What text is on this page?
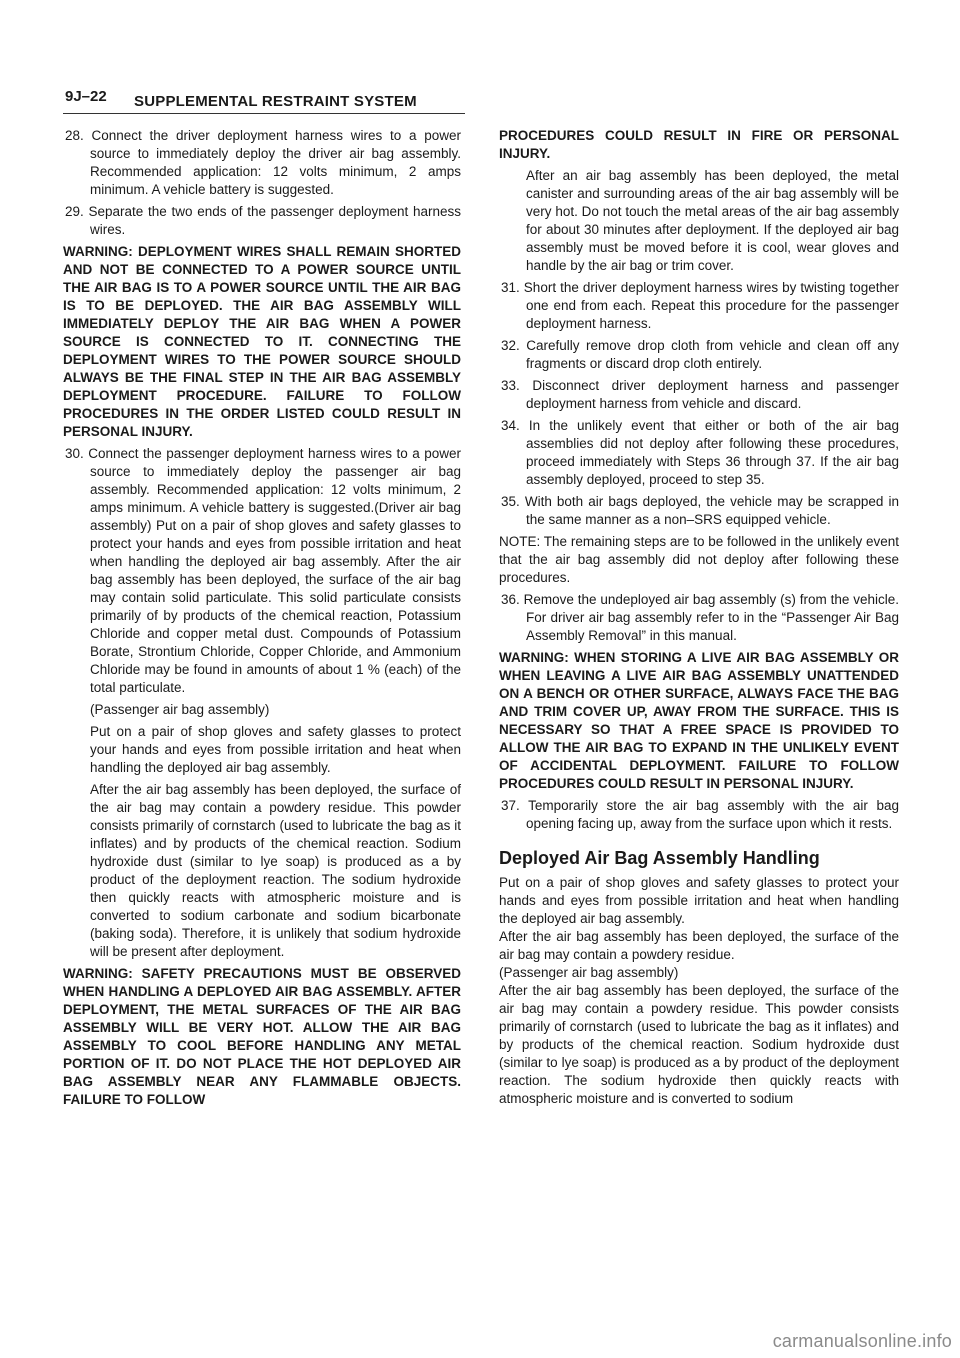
9J–22 SUPPLEMENTAL RESTRAINT SYSTEM

28. Connect the driver deployment harness wires to a power source to immediately deploy the driver air bag assembly. Recommended application: 12 volts minimum, 2 amps minimum. A vehicle battery is suggested.

29. Separate the two ends of the passenger deployment harness wires.

WARNING: DEPLOYMENT WIRES SHALL REMAIN SHORTED AND NOT BE CONNECTED TO A POWER SOURCE UNTIL THE AIR BAG IS TO A POWER SOURCE UNTIL THE AIR BAG IS TO BE DEPLOYED. THE AIR BAG ASSEMBLY WILL IMMEDIATELY DEPLOY THE AIR BAG WHEN A POWER SOURCE IS CONNECTED TO IT. CONNECTING THE DEPLOYMENT WIRES TO THE POWER SOURCE SHOULD ALWAYS BE THE FINAL STEP IN THE AIR BAG ASSEMBLY DEPLOYMENT PROCEDURE. FAILURE TO FOLLOW PROCEDURES IN THE ORDER LISTED COULD RESULT IN PERSONAL INJURY.

30. Connect the passenger deployment harness wires to a power source to immediately deploy the passenger air bag assembly. Recommended application: 12 volts minimum, 2 amps minimum. A vehicle battery is suggested.(Driver air bag assembly) Put on a pair of shop gloves and safety glasses to protect your hands and eyes from possible irritation and heat when handling the deployed air bag assembly. After the air bag assembly has been deployed, the surface of the air bag may contain solid particulate. This solid particulate consists primarily of by products of the chemical reaction, Potassium Chloride and copper metal dust. Compounds of Potassium Borate, Strontium Chloride, Copper Chloride, and Ammonium Chloride may be found in amounts of about 1 % (each) of the total particulate.

(Passenger air bag assembly)

Put on a pair of shop gloves and safety glasses to protect your hands and eyes from possible irritation and heat when handling the deployed air bag assembly.

After the air bag assembly has been deployed, the surface of the air bag may contain a powdery residue. This powder consists primarily of cornstarch (used to lubricate the bag as it inflates) and by products of the chemical reaction. Sodium hydroxide dust (similar to lye soap) is produced as a by product of the deployment reaction. The sodium hydroxide then quickly reacts with atmospheric moisture and is converted to sodium carbonate and sodium bicarbonate (baking soda). Therefore, it is unlikely that sodium hydroxide will be present after deployment.

WARNING: SAFETY PRECAUTIONS MUST BE OBSERVED WHEN HANDLING A DEPLOYED AIR BAG ASSEMBLY. AFTER DEPLOYMENT, THE METAL SURFACES OF THE AIR BAG ASSEMBLY WILL BE VERY HOT. ALLOW THE AIR BAG ASSEMBLY TO COOL BEFORE HANDLING ANY METAL PORTION OF IT. DO NOT PLACE THE HOT DEPLOYED AIR BAG ASSEMBLY NEAR ANY FLAMMABLE OBJECTS. FAILURE TO FOLLOW

PROCEDURES COULD RESULT IN FIRE OR PERSONAL INJURY.

After an air bag assembly has been deployed, the metal canister and surrounding areas of the air bag assembly will be very hot. Do not touch the metal areas of the air bag assembly for about 30 minutes after deployment. If the deployed air bag assembly must be moved before it is cool, wear gloves and handle by the air bag or trim cover.

31. Short the driver deployment harness wires by twisting together one end from each. Repeat this procedure for the passenger deployment harness.

32. Carefully remove drop cloth from vehicle and clean off any fragments or discard drop cloth entirely.

33. Disconnect driver deployment harness and passenger deployment harness from vehicle and discard.

34. In the unlikely event that either or both of the air bag assemblies did not deploy after following these procedures, proceed immediately with Steps 36 through 37. If the air bag assembly deployed, proceed to step 35.

35. With both air bags deployed, the vehicle may be scrapped in the same manner as a non–SRS equipped vehicle.

NOTE: The remaining steps are to be followed in the unlikely event that the air bag assembly did not deploy after following these procedures.

36. Remove the undeployed air bag assembly (s) from the vehicle. For driver air bag assembly refer to in the “Passenger Air Bag Assembly Removal” in this manual.

WARNING: WHEN STORING A LIVE AIR BAG ASSEMBLY OR WHEN LEAVING A LIVE AIR BAG ASSEMBLY UNATTENDED ON A BENCH OR OTHER SURFACE, ALWAYS FACE THE BAG AND TRIM COVER UP, AWAY FROM THE SURFACE. THIS IS NECESSARY SO THAT A FREE SPACE IS PROVIDED TO ALLOW THE AIR BAG TO EXPAND IN THE UNLIKELY EVENT OF ACCIDENTAL DEPLOYMENT. FAILURE TO FOLLOW PROCEDURES COULD RESULT IN PERSONAL INJURY.

37. Temporarily store the air bag assembly with the air bag opening facing up, away from the surface upon which it rests.

Deployed Air Bag Assembly Handling

Put on a pair of shop gloves and safety glasses to protect your hands and eyes from possible irritation and heat when handling the deployed air bag assembly.

After the air bag assembly has been deployed, the surface of the air bag may contain a powdery residue.

(Passenger air bag assembly)

After the air bag assembly has been deployed, the surface of the air bag may contain a powdery residue. This powder consists primarily of cornstarch (used to lubricate the bag as it inflates) and by products of the chemical reaction. Sodium hydroxide dust (similar to lye soap) is produced as a by product of the deployment reaction. The sodium hydroxide then quickly reacts with atmospheric moisture and is converted to sodium

carmanualsonline.info
